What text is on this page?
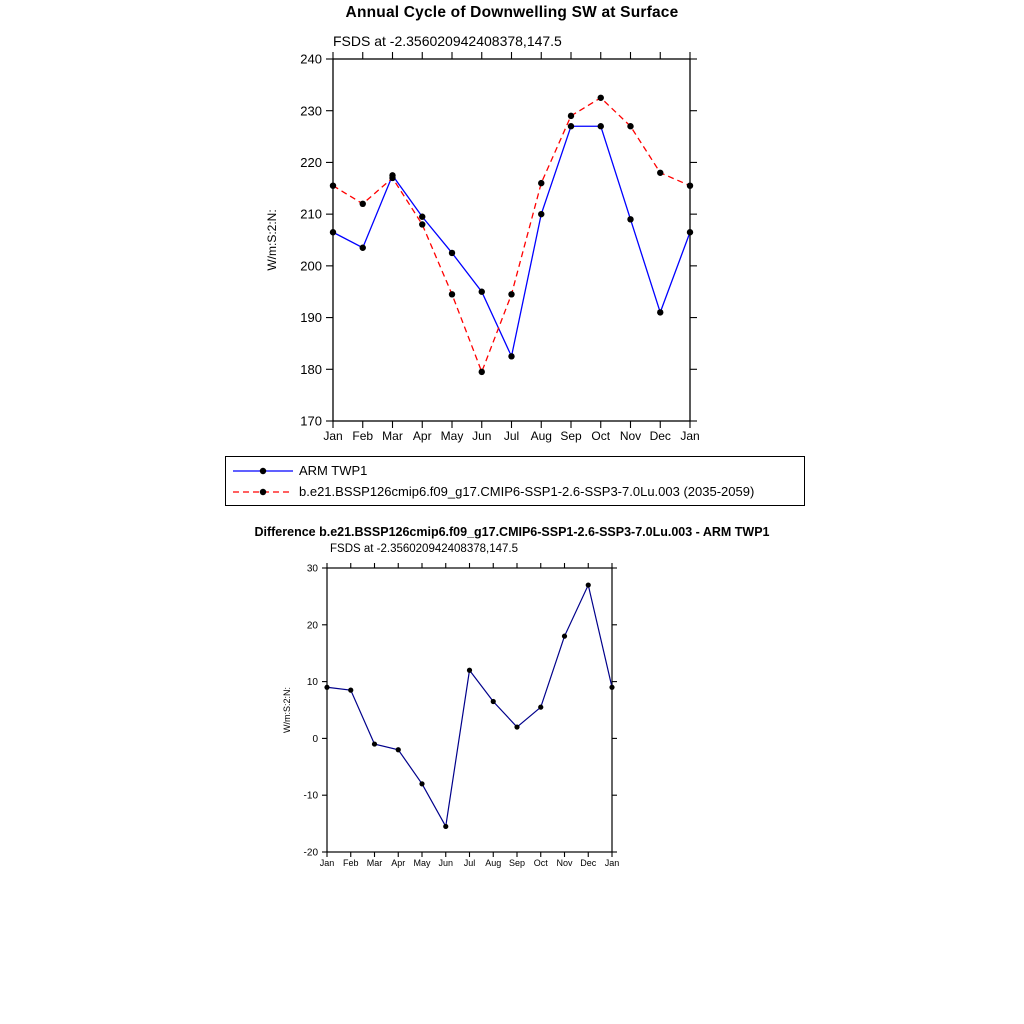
Annual Cycle of Downwelling SW at Surface
FSDS at -2.356020942408378,147.5
170
180
190
200
210
220
230
240
Jan Feb Mar Apr May Jun Jul Aug Sep Oct Nov Dec Jan
W/m:S:2:N:
ARM TWP1
b.e21.BSSP126cmip6.f09_g17.CMIP6-SSP1-2.6-SSP3-7.0Lu.003 (2035-2059)
Difference b.e21.BSSP126cmip6.f09_g17.CMIP6-SSP1-2.6-SSP3-7.0Lu.003 - ARM TWP1
FSDS at -2.356020942408378,147.5
-20
-10
0
10
20
30
Jan Feb Mar Apr May Jun Jul Aug Sep Oct Nov Dec Jan
W/m:S:2:N:
